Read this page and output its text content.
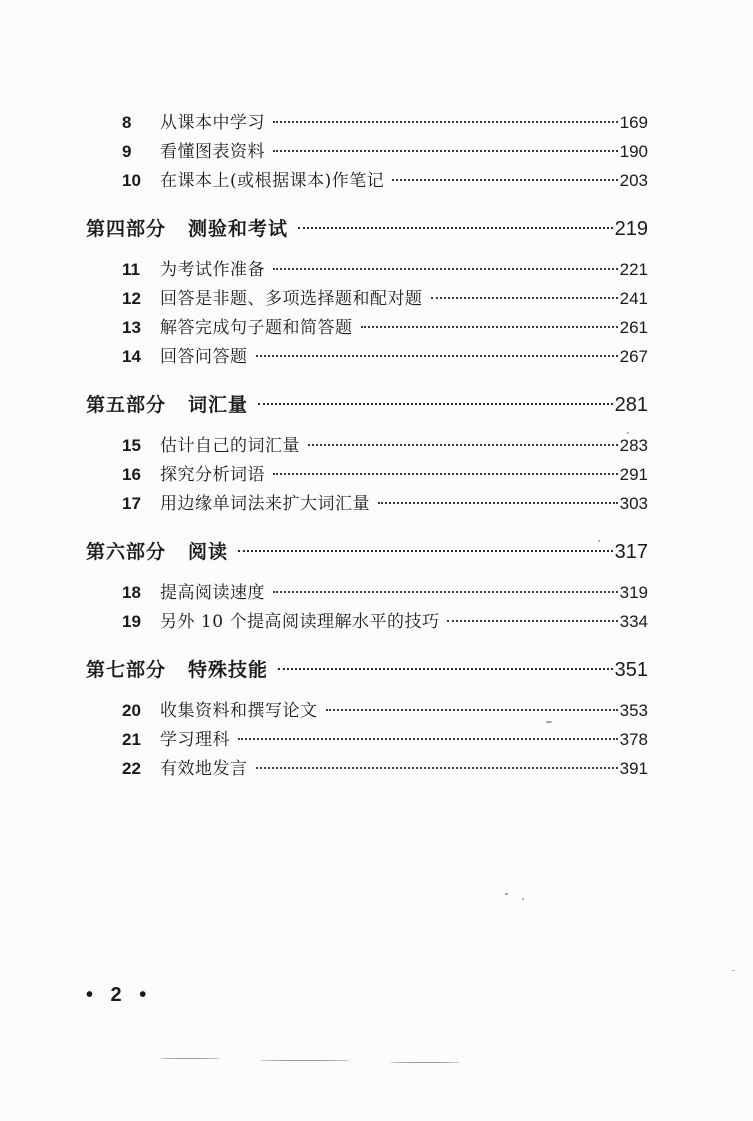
8	从课本中学习	169
9	看懂图表资料	190
10	在课本上(或根据课本)作笔记	203
第四部分 测验和考试	219
11	为考试作准备	221
12	回答是非题、多项选择题和配对题	241
13	解答完成句子题和简答题	261
14	回答问答题	267
第五部分 词汇量	281
15	估计自己的词汇量	283
16	探究分析词语	291
17	用边缘单词法来扩大词汇量	303
第六部分 阅读	317
18	提高阅读速度	319
19	另外 10 个提高阅读理解水平的技巧	334
第七部分 特殊技能	351
20	收集资料和撰写论文	353
21	学习理科	378
22	有效地发言	391
• 2 •
